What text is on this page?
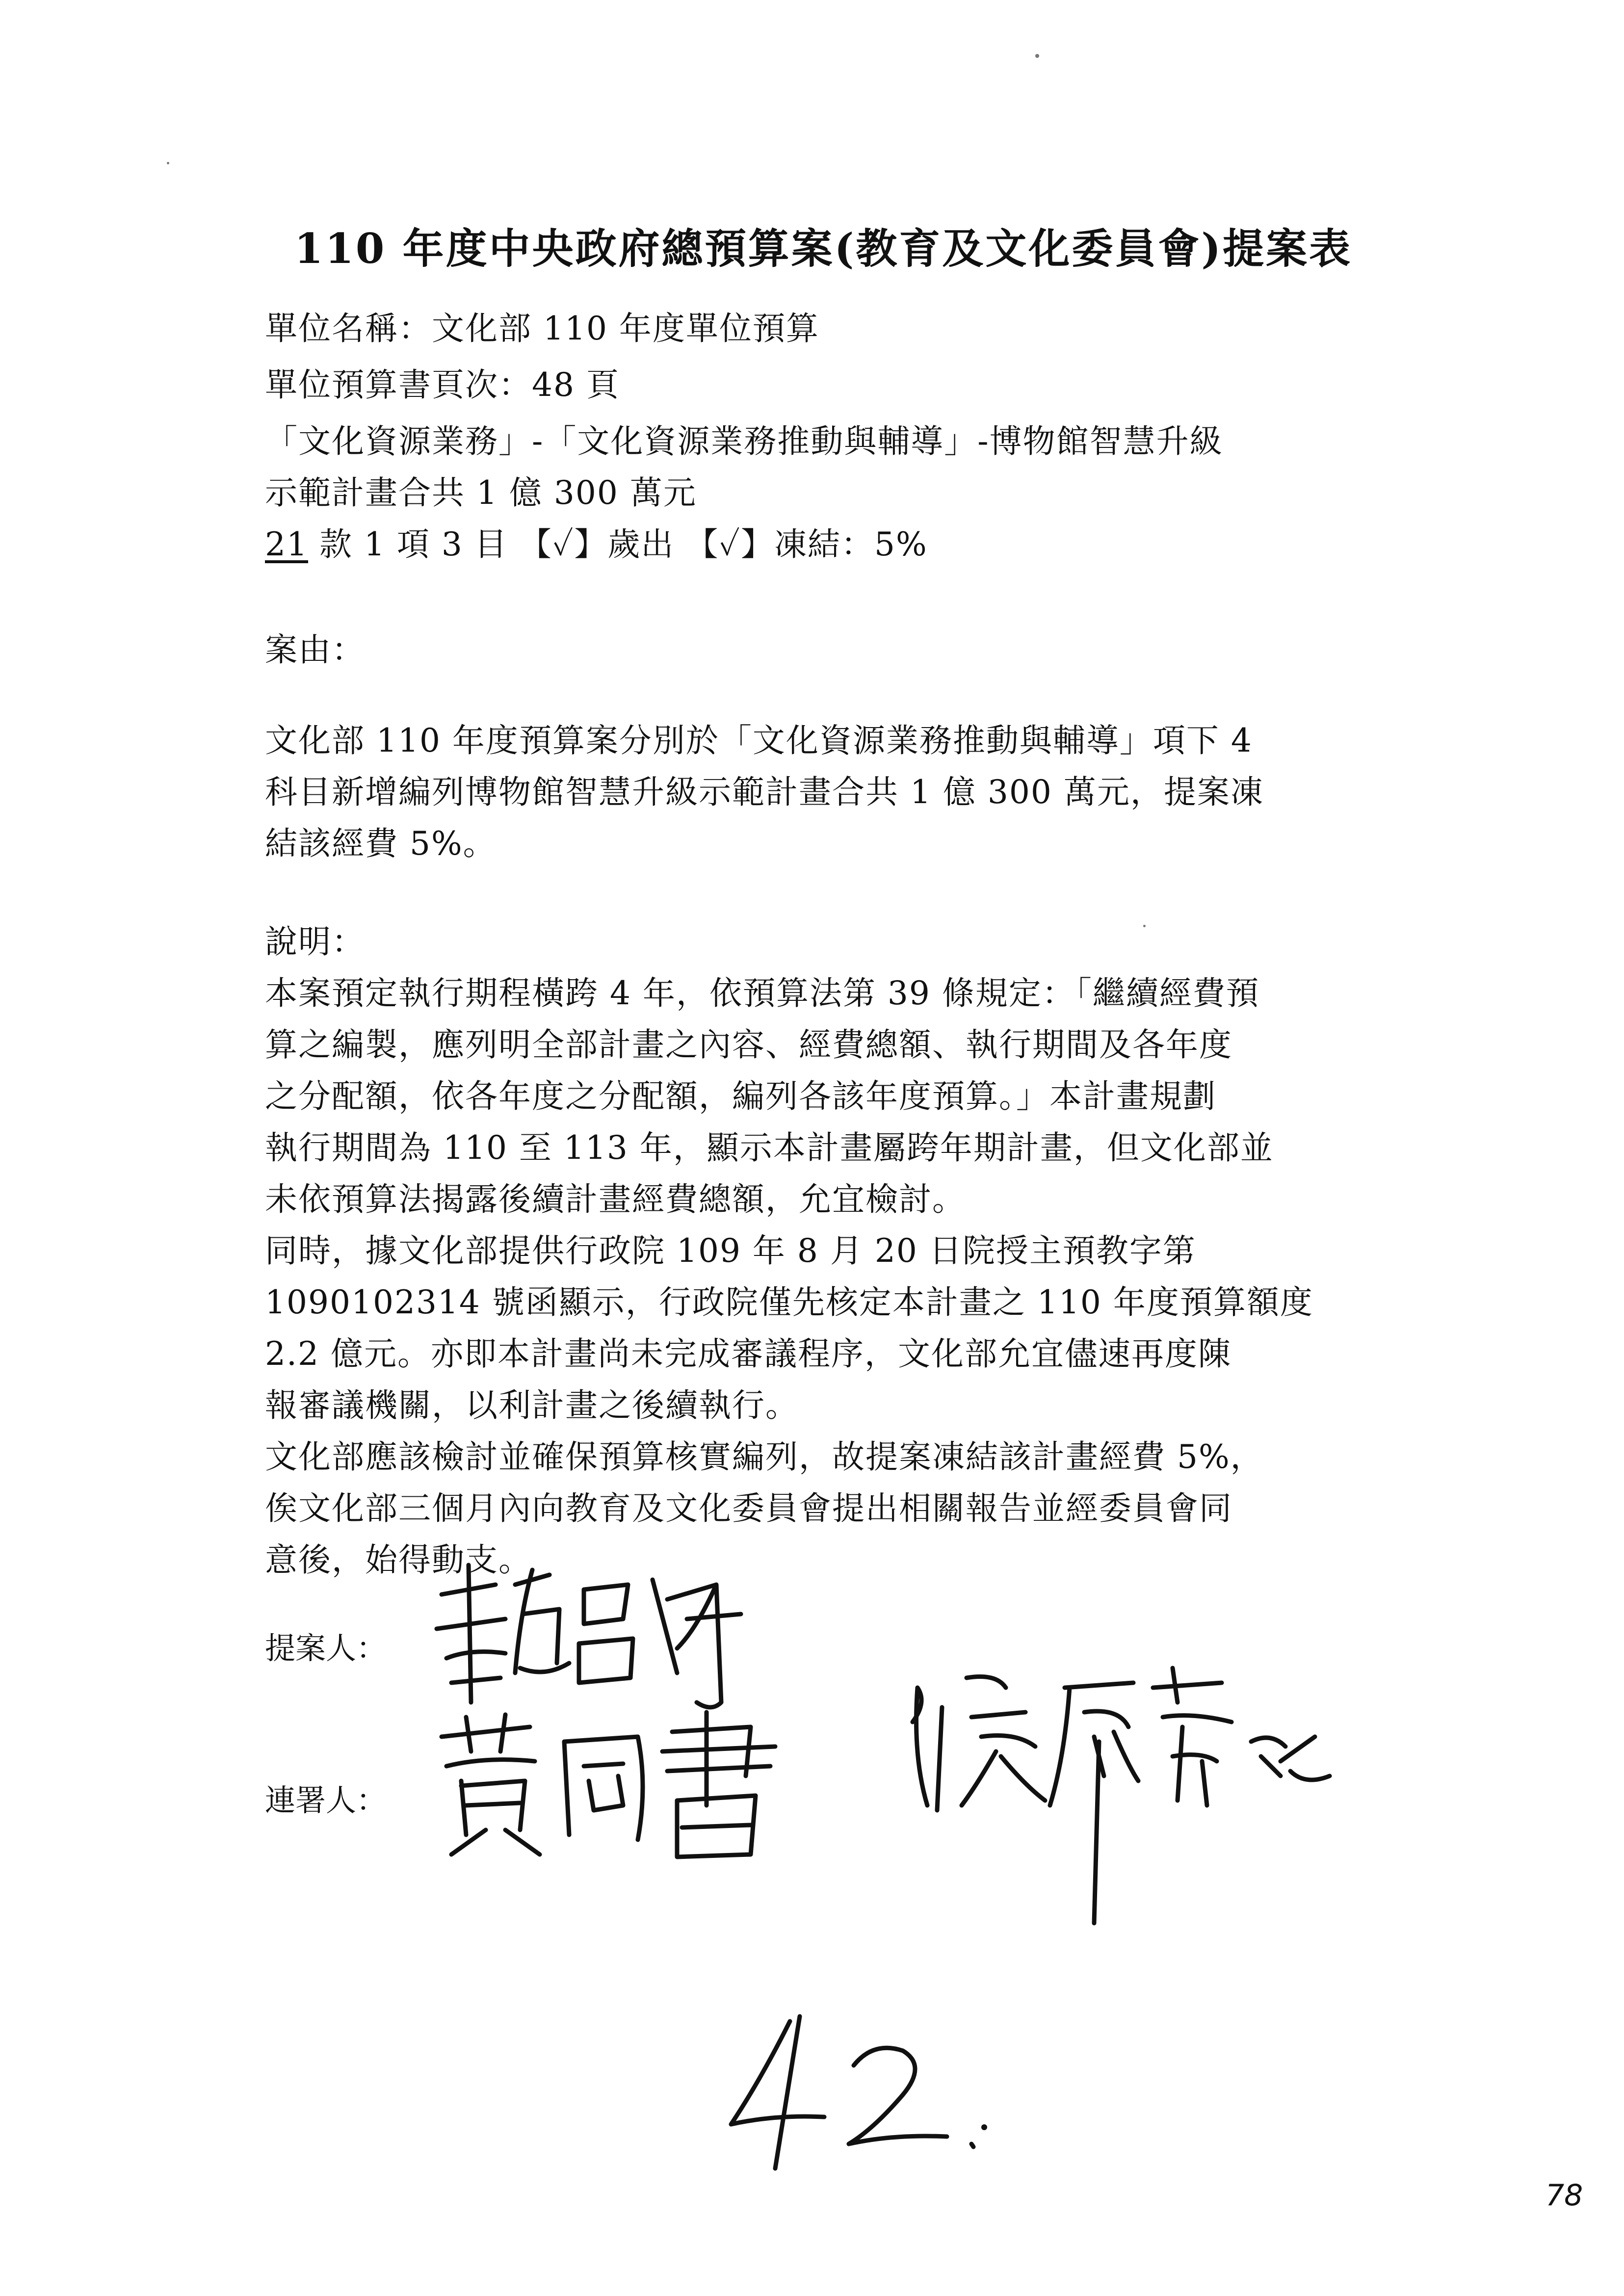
110 年度中央政府總預算案(教育及文化委員會)提案表
單位名稱：文化部 110 年度單位預算
單位預算書頁次：48 頁
「文化資源業務」-「文化資源業務推動與輔導」-博物館智慧升級
示範計畫合共 1 億 300 萬元
21 款 1 項 3 目 【✓】歲出 【✓】凍結：5%
案由：
文化部 110 年度預算案分別於「文化資源業務推動與輔導」項下 4
科目新增編列博物館智慧升級示範計畫合共 1 億 300 萬元，提案凍
結該經費 5%。
說明：
本案預定執行期程橫跨 4 年，依預算法第 39 條規定：「繼續經費預
算之編製，應列明全部計畫之內容、經費總額、執行期間及各年度
之分配額，依各年度之分配額，編列各該年度預算。」本計畫規劃
執行期間為 110 至 113 年，顯示本計畫屬跨年期計畫，但文化部並
未依預算法揭露後續計畫經費總額，允宜檢討。
同時，據文化部提供行政院 109 年 8 月 20 日院授主預教字第
1090102314 號函顯示，行政院僅先核定本計畫之 110 年度預算額度
2.2 億元。亦即本計畫尚未完成審議程序，文化部允宜儘速再度陳
報審議機關，以利計畫之後續執行。
文化部應該檢討並確保預算核實編列，故提案凍結該計畫經費 5%，
俟文化部三個月內向教育及文化委員會提出相關報告並經委員會同
意後，始得動支。
提案人：
連署人：
78
